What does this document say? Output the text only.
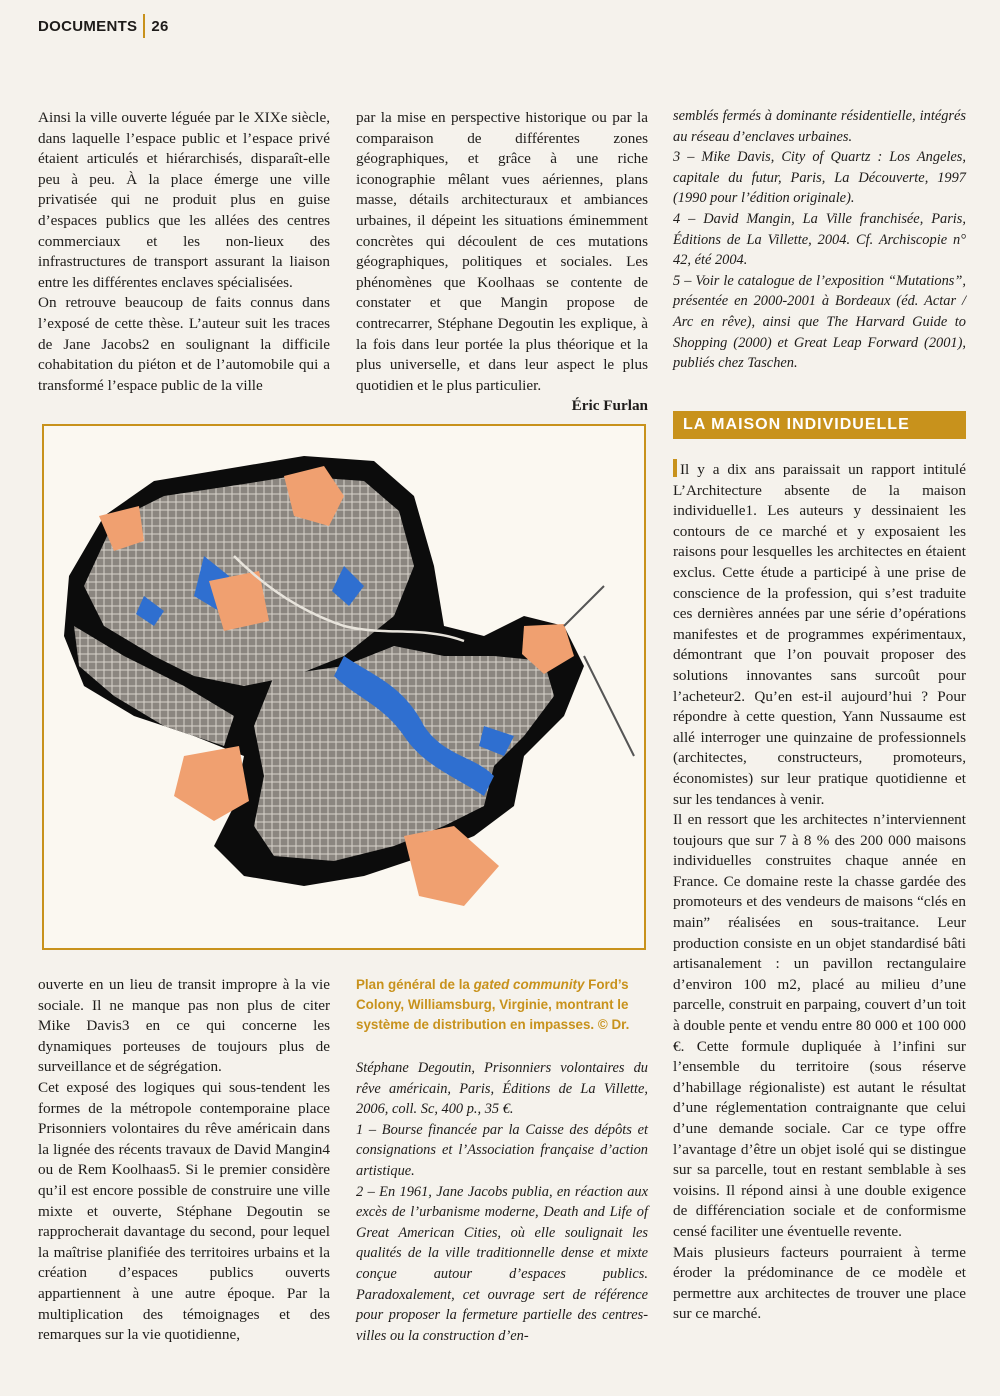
DOCUMENTS 26

Ainsi la ville ouverte léguée par le XIXe siècle, dans laquelle l’espace public et l’espace privé étaient articulés et hiérarchisés, disparaît-elle peu à peu. À la place émerge une ville privatisée qui ne produit plus en guise d’espaces publics que les allées des centres commerciaux et les non-lieux des infrastructures de transport assurant la liaison entre les différentes enclaves spécialisées.

On retrouve beaucoup de faits connus dans l’exposé de cette thèse. L’auteur suit les traces de Jane Jacobs2 en soulignant la difficile cohabitation du piéton et de l’automobile qui a transformé l’espace public de la ville

par la mise en perspective historique ou par la comparaison de différentes zones géographiques, et grâce à une riche iconographie mêlant vues aériennes, plans masse, détails architecturaux et ambiances urbaines, il dépeint les situations éminemment concrètes qui découlent de ces mutations géographiques, politiques et sociales. Les phénomènes que Koolhaas se contente de constater et que Mangin propose de contrecarrer, Stéphane Degoutin les explique, à la fois dans leur portée la plus théorique et la plus universelle, et dans leur aspect le plus quotidien et le plus particulier.

Éric Furlan

semblés fermés à dominante résidentielle, intégrés au réseau d’enclaves urbaines.

3 – Mike Davis, City of Quartz : Los Angeles, capitale du futur, Paris, La Découverte, 1997 (1990 pour l’édition originale).

4 – David Mangin, La Ville franchisée, Paris, Éditions de La Villette, 2004. Cf. Archiscopie n° 42, été 2004.

5 – Voir le catalogue de l’exposition “Mutations”, présentée en 2000-2001 à Bordeaux (éd. Actar / Arc en rêve), ainsi que The Harvard Guide to Shopping (2000) et Great Leap Forward (2001), publiés chez Taschen.

LA MAISON INDIVIDUELLE

Il y a dix ans paraissait un rapport intitulé L’Architecture absente de la maison individuelle1. Les auteurs y dessinaient les contours de ce marché et y exposaient les raisons pour lesquelles les architectes en étaient exclus. Cette étude a participé à une prise de conscience de la profession, qui s’est traduite ces dernières années par une série d’opérations manifestes et de programmes expérimentaux, démontrant que l’on pouvait proposer des solutions innovantes sans surcoût pour l’acheteur2. Qu’en est-il aujourd’hui ? Pour répondre à cette question, Yann Nussaume est allé interroger une quinzaine de professionnels (architectes, constructeurs, promoteurs, économistes) sur leur pratique quotidienne et sur les tendances à venir.

Il en ressort que les architectes n’interviennent toujours que sur 7 à 8 % des 200 000 maisons individuelles construites chaque année en France. Ce domaine reste la chasse gardée des promoteurs et des vendeurs de maisons “clés en main” réalisées en sous-traitance. Leur production consiste en un objet standardisé bâti artisanalement : un pavillon rectangulaire d’environ 100 m2, placé au milieu d’une parcelle, construit en parpaing, couvert d’un toit à double pente et vendu entre 80 000 et 100 000 €. Cette formule dupliquée à l’infini sur l’ensemble du territoire (sous réserve d’habillage régionaliste) est autant le résultat d’une réglementation contraignante que celui d’une demande sociale. Car ce type offre l’avantage d’être un objet isolé qui se distingue sur sa parcelle, tout en restant semblable à ses voisins. Il répond ainsi à une double exigence de différenciation sociale et de conformisme censé faciliter une éventuelle revente.

Mais plusieurs facteurs pourraient à terme éroder la prédominance de ce modèle et permettre aux architectes de trouver une place sur ce marché.

Plan général de la gated community Ford’s Colony, Williamsburg, Virginie, montrant le système de distribution en impasses. © Dr.

ouverte en un lieu de transit impropre à la vie sociale. Il ne manque pas non plus de citer Mike Davis3 en ce qui concerne les dynamiques porteuses de toujours plus de surveillance et de ségrégation.

Cet exposé des logiques qui sous-tendent les formes de la métropole contemporaine place Prisonniers volontaires du rêve américain dans la lignée des récents travaux de David Mangin4 ou de Rem Koolhaas5. Si le premier considère qu’il est encore possible de construire une ville mixte et ouverte, Stéphane Degoutin se rapprocherait davantage du second, pour lequel la maîtrise planifiée des territoires urbains et la création d’espaces publics ouverts appartiennent à une autre époque. Par la multiplication des témoignages et des remarques sur la vie quotidienne,

Stéphane Degoutin, Prisonniers volontaires du rêve américain, Paris, Éditions de La Villette, 2006, coll. Sc, 400 p., 35 €.

1 – Bourse financée par la Caisse des dépôts et consignations et l’Association française d’action artistique.

2 – En 1961, Jane Jacobs publia, en réaction aux excès de l’urbanisme moderne, Death and Life of Great American Cities, où elle soulignait les qualités de la ville traditionnelle dense et mixte conçue autour d’espaces publics. Paradoxalement, cet ouvrage sert de référence pour proposer la fermeture partielle des centres-villes ou la construction d’en-
